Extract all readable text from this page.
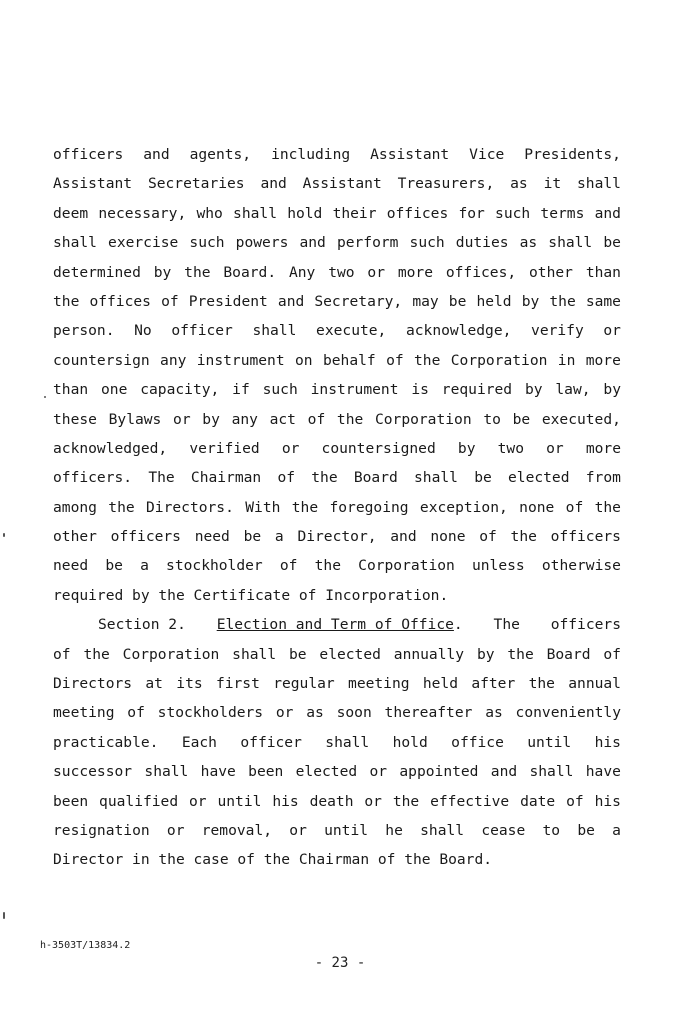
officers and agents, including Assistant Vice Presidents,
Assistant Secretaries and Assistant Treasurers, as it shall
deem necessary, who shall hold their offices for such terms and
shall exercise such powers and perform such duties as shall be
determined by the Board. Any two or more offices, other than
the offices of President and Secretary, may be held by the same
person. No officer shall execute, acknowledge, verify or
countersign any instrument on behalf of the Corporation in more
than one capacity, if such instrument is required by law, by
these Bylaws or by any act of the Corporation to be executed,
acknowledged, verified or countersigned by two or more
officers. The Chairman of the Board shall be elected from
among the Directors. With the foregoing exception, none of the
other officers need be a Director, and none of the officers
need be a stockholder of the Corporation unless otherwise
required by the Certificate of Incorporation.
Section 2. Election and Term of Office. The officers
of the Corporation shall be elected annually by the Board of
Directors at its first regular meeting held after the annual
meeting of stockholders or as soon thereafter as conveniently
practicable. Each officer shall hold office until his
successor shall have been elected or appointed and shall have
been qualified or until his death or the effective date of his
resignation or removal, or until he shall cease to be a
Director in the case of the Chairman of the Board.
h-3503T/13834.2
- 23 -
